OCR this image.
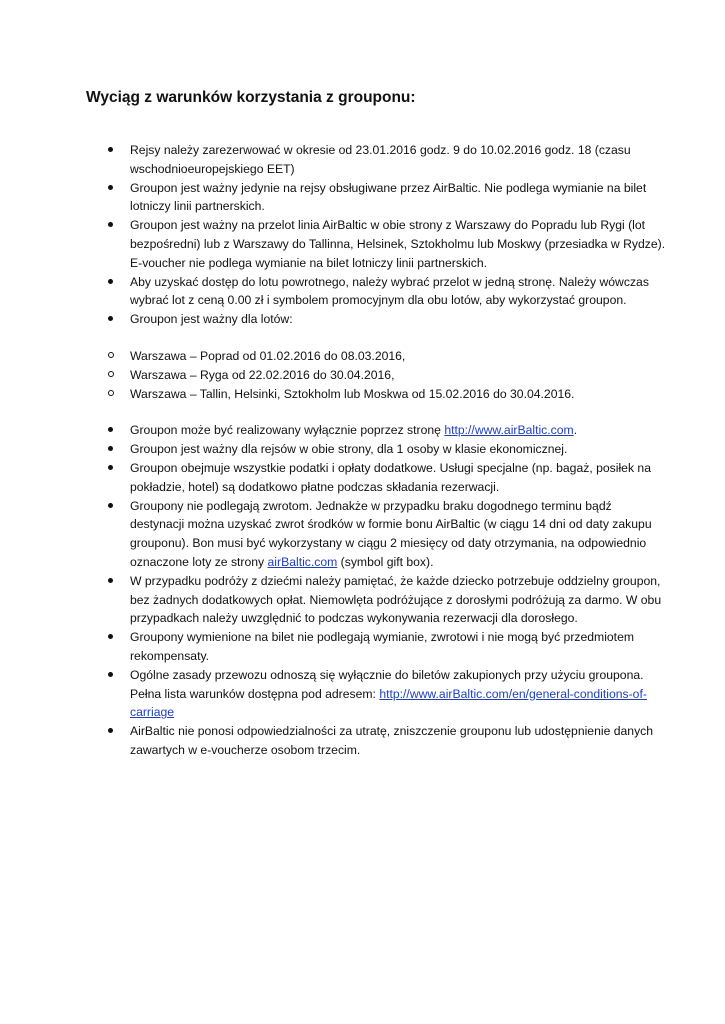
Wyciąg z warunków korzystania z grouponu:
Rejsy należy zarezerwować w okresie od 23.01.2016 godz. 9 do 10.02.2016 godz. 18 (czasu wschodnioeuropejskiego EET)
Groupon jest ważny jedynie na rejsy obsługiwane przez AirBaltic. Nie podlega wymianie na bilet lotniczy linii partnerskich.
Groupon jest ważny na przelot linia AirBaltic w obie strony z Warszawy do Popradu lub Rygi (lot bezpośredni) lub z Warszawy do Tallinna, Helsinek, Sztokholmu lub Moskwy (przesiadka w Rydze). E-voucher nie podlega wymianie na bilet lotniczy linii partnerskich.
Aby uzyskać dostęp do lotu powrotnego, należy wybrać przelot w jedną stronę. Należy wówczas wybrać lot z ceną 0.00 zł i symbolem promocyjnym dla obu lotów, aby wykorzystać groupon.
Groupon jest ważny dla lotów:
Warszawa – Poprad od 01.02.2016 do 08.03.2016,
Warszawa – Ryga od 22.02.2016 do 30.04.2016,
Warszawa – Tallin, Helsinki, Sztokholm lub Moskwa od 15.02.2016 do 30.04.2016.
Groupon może być realizowany wyłącznie poprzez stronę http://www.airBaltic.com.
Groupon jest ważny dla rejsów w obie strony, dla 1 osoby w klasie ekonomicznej.
Groupon obejmuje wszystkie podatki i opłaty dodatkowe. Usługi specjalne (np. bagaż, posiłek na pokładzie, hotel) są dodatkowo płatne podczas składania rezerwacji.
Groupony nie podlegają zwrotom. Jednakże w przypadku braku dogodnego terminu bądź destynacji można uzyskać zwrot środków w formie bonu AirBaltic (w ciągu 14 dni od daty zakupu grouponu). Bon musi być wykorzystany w ciągu 2 miesięcy od daty otrzymania, na odpowiednio oznaczone loty ze strony airBaltic.com (symbol gift box).
W przypadku podróży z dziećmi należy pamiętać, że każde dziecko potrzebuje oddzielny groupon, bez żadnych dodatkowych opłat. Niemowlęta podróżujące z dorosłymi podróżują za darmo. W obu przypadkach należy uwzględnić to podczas wykonywania rezerwacji dla dorosłego.
Groupony wymienione na bilet nie podlegają wymianie, zwrotowi i nie mogą być przedmiotem rekompensaty.
Ogólne zasady przewozu odnoszą się wyłącznie do biletów zakupionych przy użyciu groupona. Pełna lista warunków dostępna pod adresem: http://www.airBaltic.com/en/general-conditions-of-carriage
AirBaltic nie ponosi odpowiedzialności za utratę, zniszczenie grouponu lub udostępnienie danych zawartych w e-voucherze osobom trzecim.
